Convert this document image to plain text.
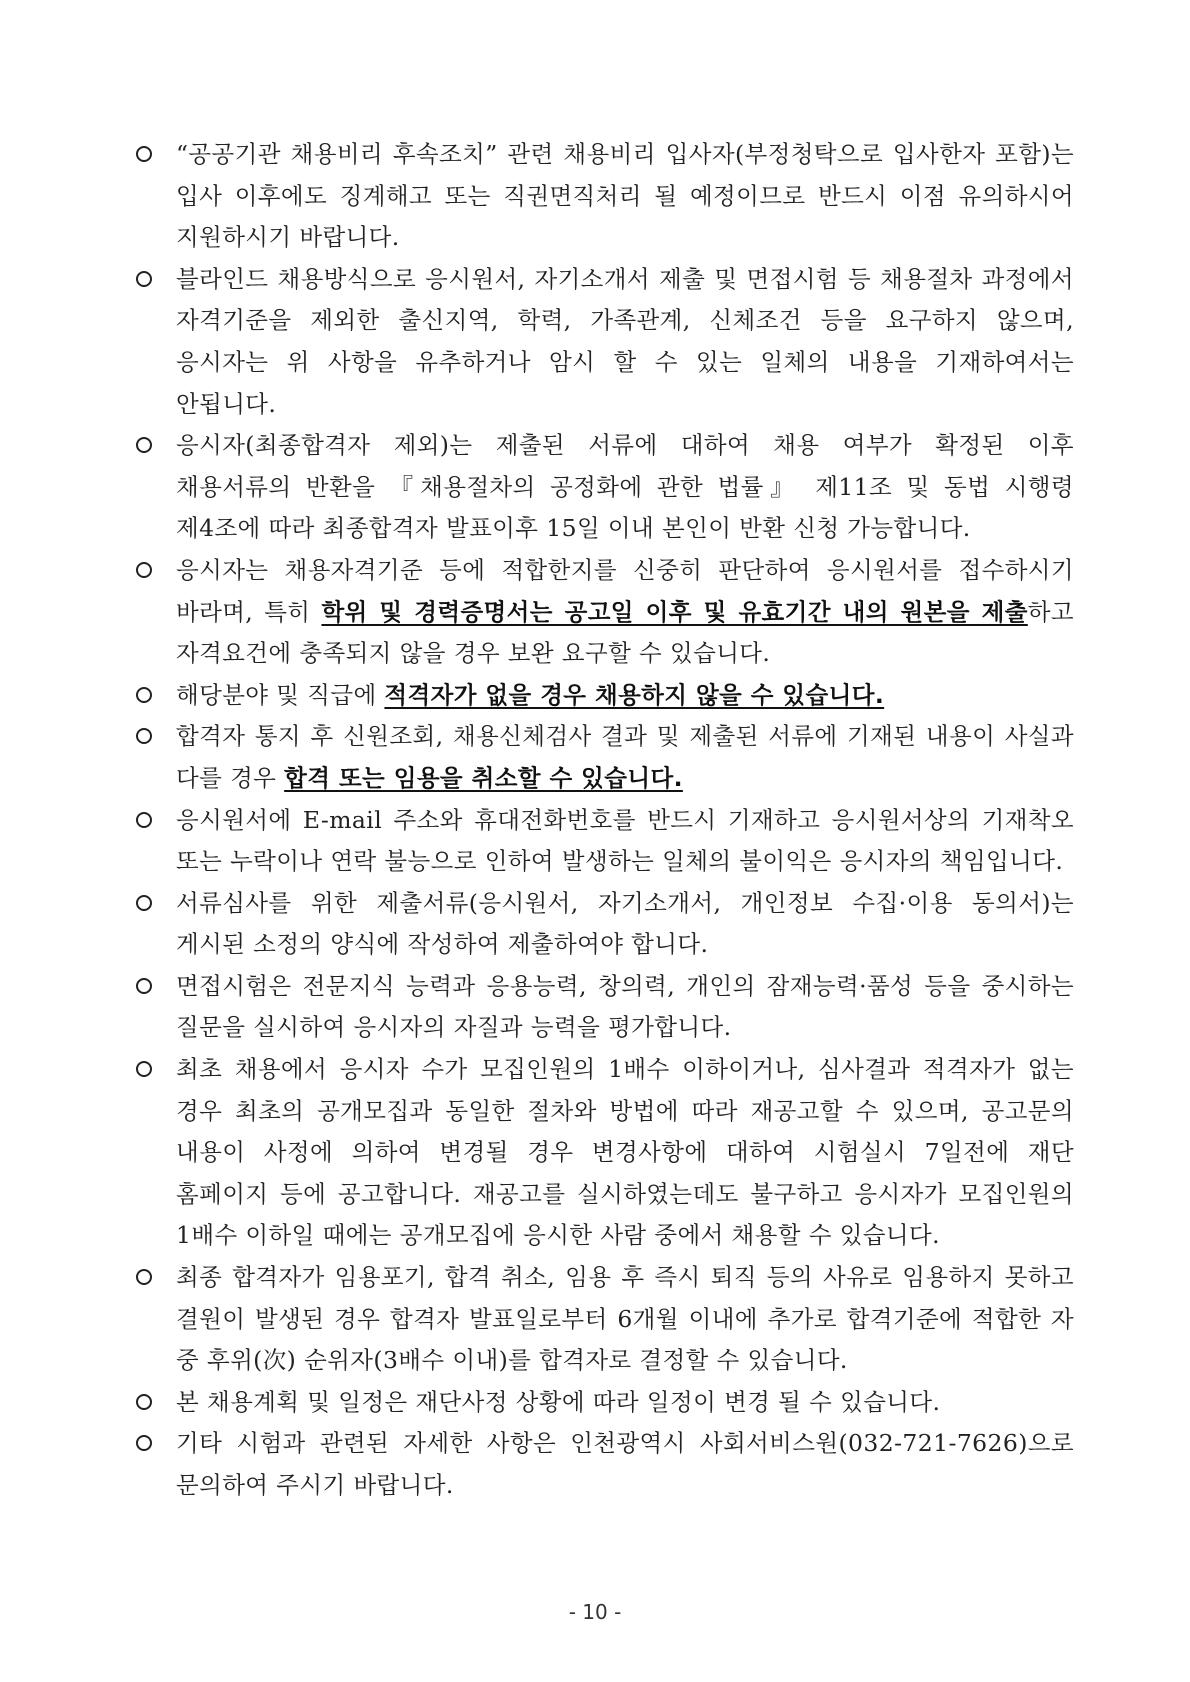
“공공기관 채용비리 후속조치” 관련 채용비리 입사자(부정청탁으로 입사한자 포함)는 입사 이후에도 징계해고 또는 직권면직처리 될 예정이므로 반드시 이점 유의하시어 지원하시기 바랍니다.
블라인드 채용방식으로 응시원서, 자기소개서 제출 및 면접시험 등 채용절차 과정에서 자격기준을 제외한 출신지역, 학력, 가족관계, 신체조건 등을 요구하지 않으며, 응시자는 위 사항을 유추하거나 암시 할 수 있는 일체의 내용을 기재하여서는 안됩니다.
응시자(최종합격자 제외)는 제출된 서류에 대하여 채용 여부가 확정된 이후 채용서류의 반환을 『채용절차의 공정화에 관한 법률』 제11조 및 동법 시행령 제4조에 따라 최종합격자 발표이후 15일 이내 본인이 반환 신청 가능합니다.
응시자는 채용자격기준 등에 적합한지를 신중히 판단하여 응시원서를 접수하시기 바라며, 특히 학위 및 경력증명서는 공고일 이후 및 유효기간 내의 원본을 제출하고 자격요건에 충족되지 않을 경우 보완 요구할 수 있습니다.
해당분야 및 직급에 적격자가 없을 경우 채용하지 않을 수 있습니다.
합격자 통지 후 신원조회, 채용신체검사 결과 및 제출된 서류에 기재된 내용이 사실과 다를 경우 합격 또는 임용을 취소할 수 있습니다.
응시원서에 E-mail 주소와 휴대전화번호를 반드시 기재하고 응시원서상의 기재착오 또는 누락이나 연락 불능으로 인하여 발생하는 일체의 불이익은 응시자의 책임입니다.
서류심사를 위한 제출서류(응시원서, 자기소개서, 개인정보 수집·이용 동의서)는 게시된 소정의 양식에 작성하여 제출하여야 합니다.
면접시험은 전문지식 능력과 응용능력, 창의력, 개인의 잠재능력·품성 등을 중시하는 질문을 실시하여 응시자의 자질과 능력을 평가합니다.
최초 채용에서 응시자 수가 모집인원의 1배수 이하이거나, 심사결과 적격자가 없는 경우 최초의 공개모집과 동일한 절차와 방법에 따라 재공고할 수 있으며, 공고문의 내용이 사정에 의하여 변경될 경우 변경사항에 대하여 시험실시 7일전에 재단 홈페이지 등에 공고합니다. 재공고를 실시하였는데도 불구하고 응시자가 모집인원의 1배수 이하일 때에는 공개모집에 응시한 사람 중에서 채용할 수 있습니다.
최종 합격자가 임용포기, 합격 취소, 임용 후 즉시 퇴직 등의 사유로 임용하지 못하고 결원이 발생된 경우 합격자 발표일로부터 6개월 이내에 추가로 합격기준에 적합한 자 중 후위(次) 순위자(3배수 이내)를 합격자로 결정할 수 있습니다.
본 채용계획 및 일정은 재단사정 상황에 따라 일정이 변경 될 수 있습니다.
기타 시험과 관련된 자세한 사항은 인천광역시 사회서비스원(032-721-7626)으로 문의하여 주시기 바랍니다.
- 10 -
